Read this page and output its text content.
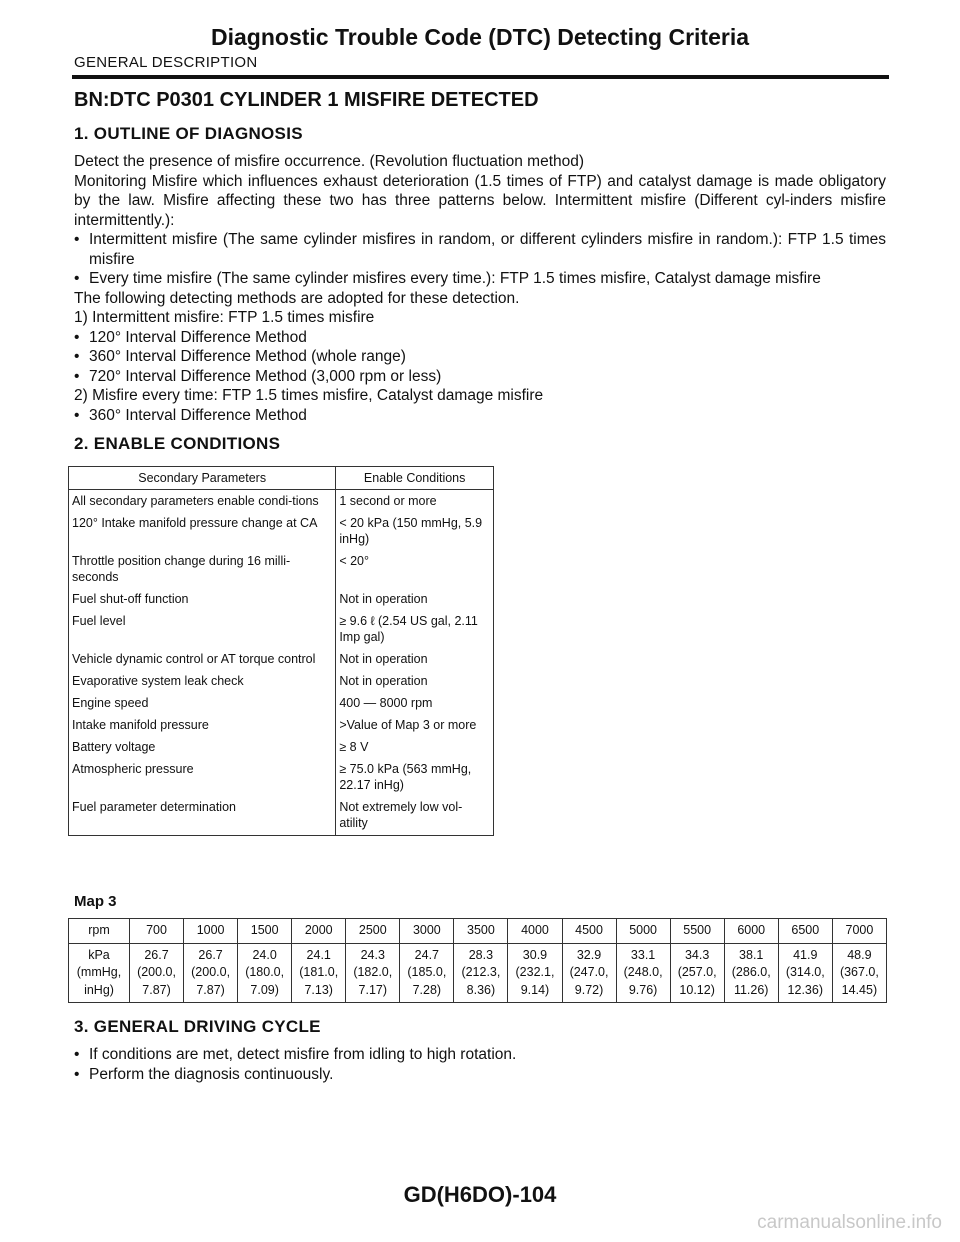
Diagnostic Trouble Code (DTC) Detecting Criteria
GENERAL DESCRIPTION
BN:DTC P0301 CYLINDER 1 MISFIRE DETECTED
1. OUTLINE OF DIAGNOSIS

Detect the presence of misfire occurrence. (Revolution fluctuation method)

Monitoring Misfire which influences exhaust deterioration (1.5 times of FTP) and catalyst damage is made obligatory by the law. Misfire affecting these two has three patterns below. Intermittent misfire (Different cyl-inders misfire intermittently.):

• Intermittent misfire (The same cylinder misfires in random, or different cylinders misfire in random.): FTP 1.5 times misfire
• Every time misfire (The same cylinder misfires every time.): FTP 1.5 times misfire, Catalyst damage misfire

The following detecting methods are adopted for these detection.

1) Intermittent misfire: FTP 1.5 times misfire

• 120° Interval Difference Method
• 360° Interval Difference Method (whole range)
• 720° Interval Difference Method (3,000 rpm or less)

2) Misfire every time: FTP 1.5 times misfire, Catalyst damage misfire

• 360° Interval Difference Method
2. ENABLE CONDITIONS
Secondary Parameters	Enable Conditions
All secondary parameters enable condi-tions	1 second or more
120° Intake manifold pressure change at CA	< 20 kPa (150 mmHg, 5.9 inHg)
Throttle position change during 16 milli-seconds	< 20°
Fuel shut-off function	Not in operation
Fuel level	≥ 9.6 ℓ (2.54 US gal, 2.11 Imp gal)
Vehicle dynamic control or AT torque control	Not in operation
Evaporative system leak check	Not in operation
Engine speed	400 — 8000 rpm
Intake manifold pressure	>Value of Map 3 or more
Battery voltage	≥ 8 V
Atmospheric pressure	≥ 75.0 kPa (563 mmHg, 22.17 inHg)
Fuel parameter determination	Not extremely low vol-atility
Map 3
rpm	700	1000	1500	2000	2500	3000	3500	4000	4500	5000	5500	6000	6500	7000
kPa
(mmHg,
inHg)	26.7
(200.0,
7.87)	26.7
(200.0,
7.87)	24.0
(180.0,
7.09)	24.1
(181.0,
7.13)	24.3
(182.0,
7.17)	24.7
(185.0,
7.28)	28.3
(212.3,
8.36)	30.9
(232.1,
9.14)	32.9
(247.0,
9.72)	33.1
(248.0,
9.76)	34.3
(257.0,
10.12)	38.1
(286.0,
11.26)	41.9
(314.0,
12.36)	48.9
(367.0,
14.45)
3. GENERAL DRIVING CYCLE
• If conditions are met, detect misfire from idling to high rotation.
• Perform the diagnosis continuously.
GD(H6DO)-104
carmanualsonline.info
